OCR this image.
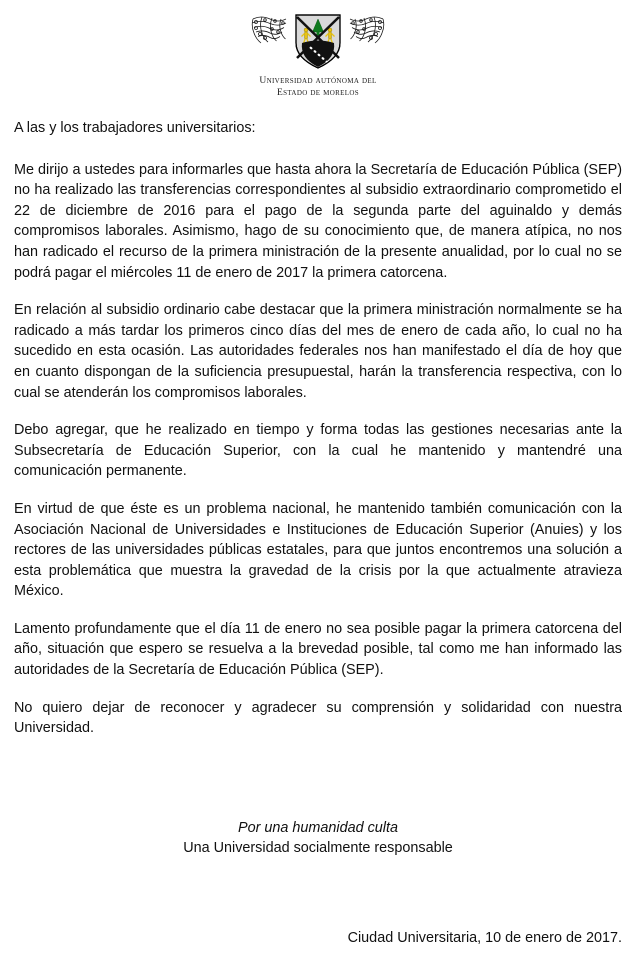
Universidad autónoma del
Estado de morelos

A las y los trabajadores universitarios:

Me dirijo a ustedes para informarles que hasta ahora la Secretaría de Educación Pública (SEP) no ha realizado las transferencias correspondientes al subsidio extraordinario comprometido el 22 de diciembre de 2016 para el pago de la segunda parte del aguinaldo y demás compromisos laborales. Asimismo, hago de su conocimiento que, de manera atípica, no nos han radicado el recurso de la primera ministración de la presente anualidad, por lo cual no se podrá pagar el miércoles 11 de enero de 2017 la primera catorcena.

En relación al subsidio ordinario cabe destacar que la primera ministración normalmente se ha radicado a más tardar los primeros cinco días del mes de enero de cada año, lo cual no ha sucedido en esta ocasión. Las autoridades federales nos han manifestado el día de hoy que en cuanto dispongan de la suficiencia presupuestal, harán la transferencia respectiva, con lo cual se atenderán los compromisos laborales.

Debo agregar, que he realizado en tiempo y forma todas las gestiones necesarias ante la Subsecretaría de Educación Superior, con la cual he mantenido y mantendré una comunicación permanente.

En virtud de que éste es un problema nacional, he mantenido también comunicación con la Asociación Nacional de Universidades e Instituciones de Educación Superior (Anuies) y los rectores de las universidades públicas estatales, para que juntos encontremos una solución a esta problemática que muestra la gravedad de la crisis por la que actualmente atravieza México.

Lamento profundamente que el día 11 de enero no sea posible pagar la primera catorcena del año, situación que espero se resuelva a la brevedad posible, tal como me han informado las autoridades de la Secretaría de Educación Pública (SEP).

No quiero dejar de reconocer y agradecer su comprensión y solidaridad con nuestra Universidad.

Por una humanidad culta
Una Universidad socialmente responsable
Ciudad Universitaria, 10 de enero de 2017.
